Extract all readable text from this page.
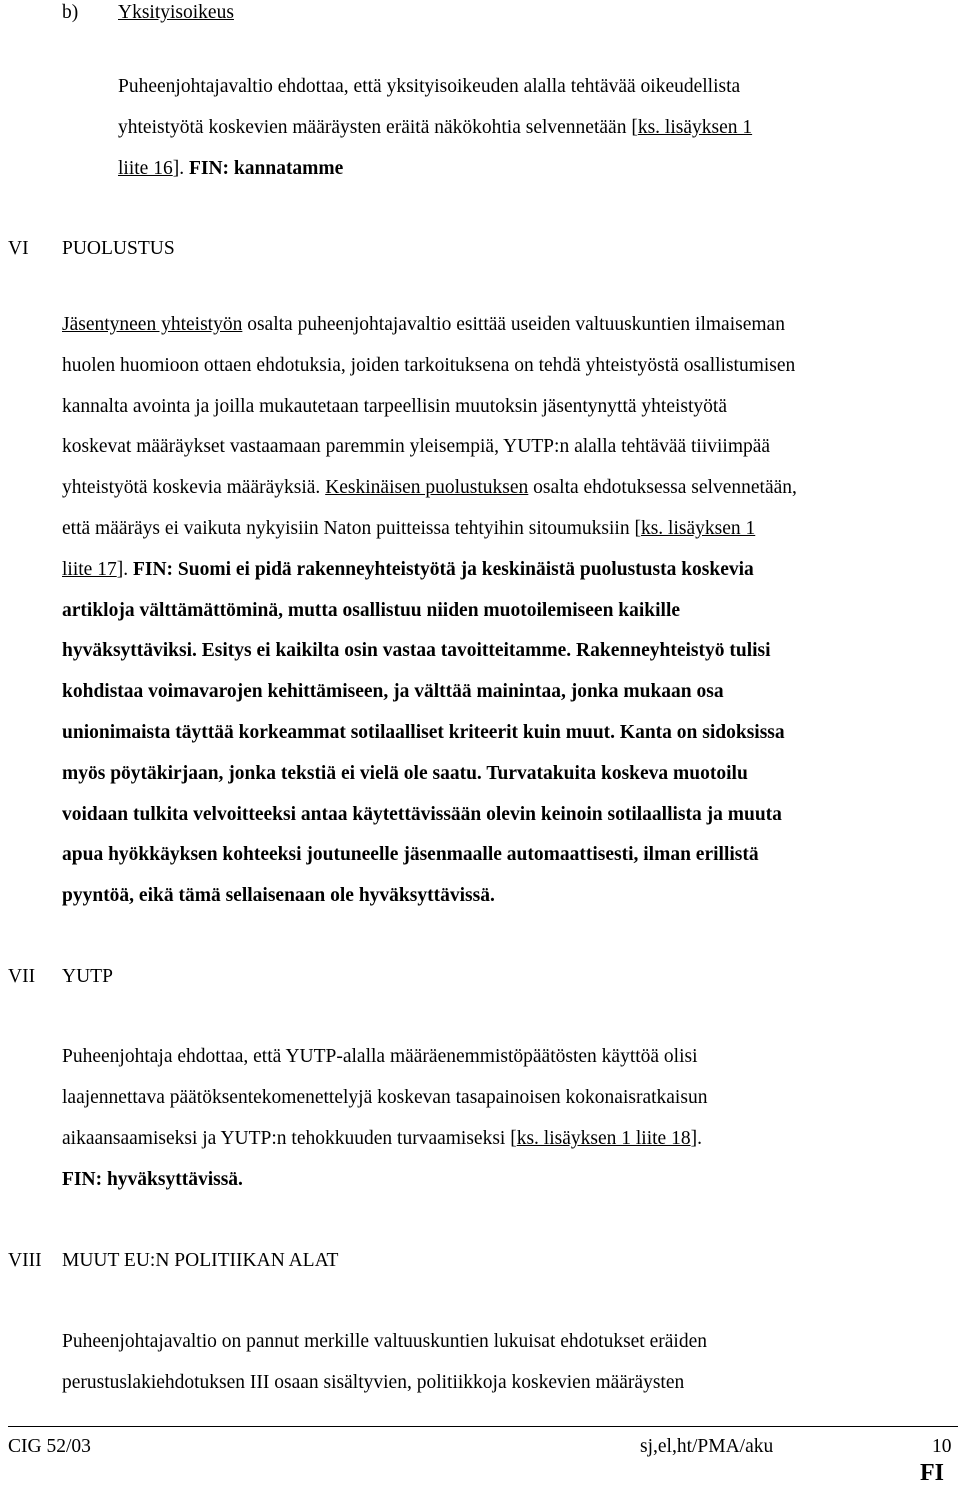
b) Yksityisoikeus
Puheenjohtajavaltio ehdottaa, että yksityisoikeuden alalla tehtävää oikeudellista
yhteistyötä koskevien määräysten eräitä näkökohtia selvennetään [ks. lisäyksen 1
liite 16]. FIN: kannatamme
VI PUOLUSTUS
Jäsentyneen yhteistyön osalta puheenjohtajavaltio esittää useiden valtuuskuntien ilmaiseman
huolen huomioon ottaen ehdotuksia, joiden tarkoituksena on tehdä yhteistyöstä osallistumisen
kannalta avointa ja joilla mukautetaan tarpeellisin muutoksin jäsentynyttä yhteistyötä
koskevat määräykset vastaamaan paremmin yleisempiä, YUTP:n alalla tehtävää tiiviimpää
yhteistyötä koskevia määräyksiä. Keskinäisen puolustuksen osalta ehdotuksessa selvennetään,
että määräys ei vaikuta nykyisiin Naton puitteissa tehtyihin sitoumuksiin [ks. lisäyksen 1
liite 17]. FIN: Suomi ei pidä rakenneyhteistyötä ja keskinäistä puolustusta koskevia
artikloja välttämättöminä, mutta osallistuu niiden muotoilemiseen kaikille
hyväksyttäviksi. Esitys ei kaikilta osin vastaa tavoitteitamme. Rakenneyhteistyö tulisi
kohdistaa voimavarojen kehittämiseen, ja välttää mainintaa, jonka mukaan osa
unionimaista täyttää korkeammat sotilaalliset kriteerit kuin muut. Kanta on sidoksissa
myös pöytäkirjaan, jonka tekstiä ei vielä ole saatu. Turvatakuita koskeva muotoilu
voidaan tulkita velvoitteeksi antaa käytettävissään olevin keinoin sotilaallista ja muuta
apua hyökkäyksen kohteeksi joutuneelle jäsenmaalle automaattisesti, ilman erillistä
pyyntöä, eikä tämä sellaisenaan ole hyväksyttävissä.
VII YUTP
Puheenjohtaja ehdottaa, että YUTP-alalla määräenemmistöpäätösten käyttöä olisi
laajennettava päätöksentekomenettelyjä koskevan tasapainoisen kokonaisratkaisun
aikaansaamiseksi ja YUTP:n tehokkuuden turvaamiseksi [ks. lisäyksen 1 liite 18].
FIN: hyväksyttävissä.
VIII MUUT EU:N POLITIIKAN ALAT
Puheenjohtajavaltio on pannut merkille valtuuskuntien lukuisat ehdotukset eräiden
perustuslakiehdotuksen III osaan sisältyvien, politiikkoja koskevien määräysten
CIG 52/03	sj,el,ht/PMA/aku	10
FI
